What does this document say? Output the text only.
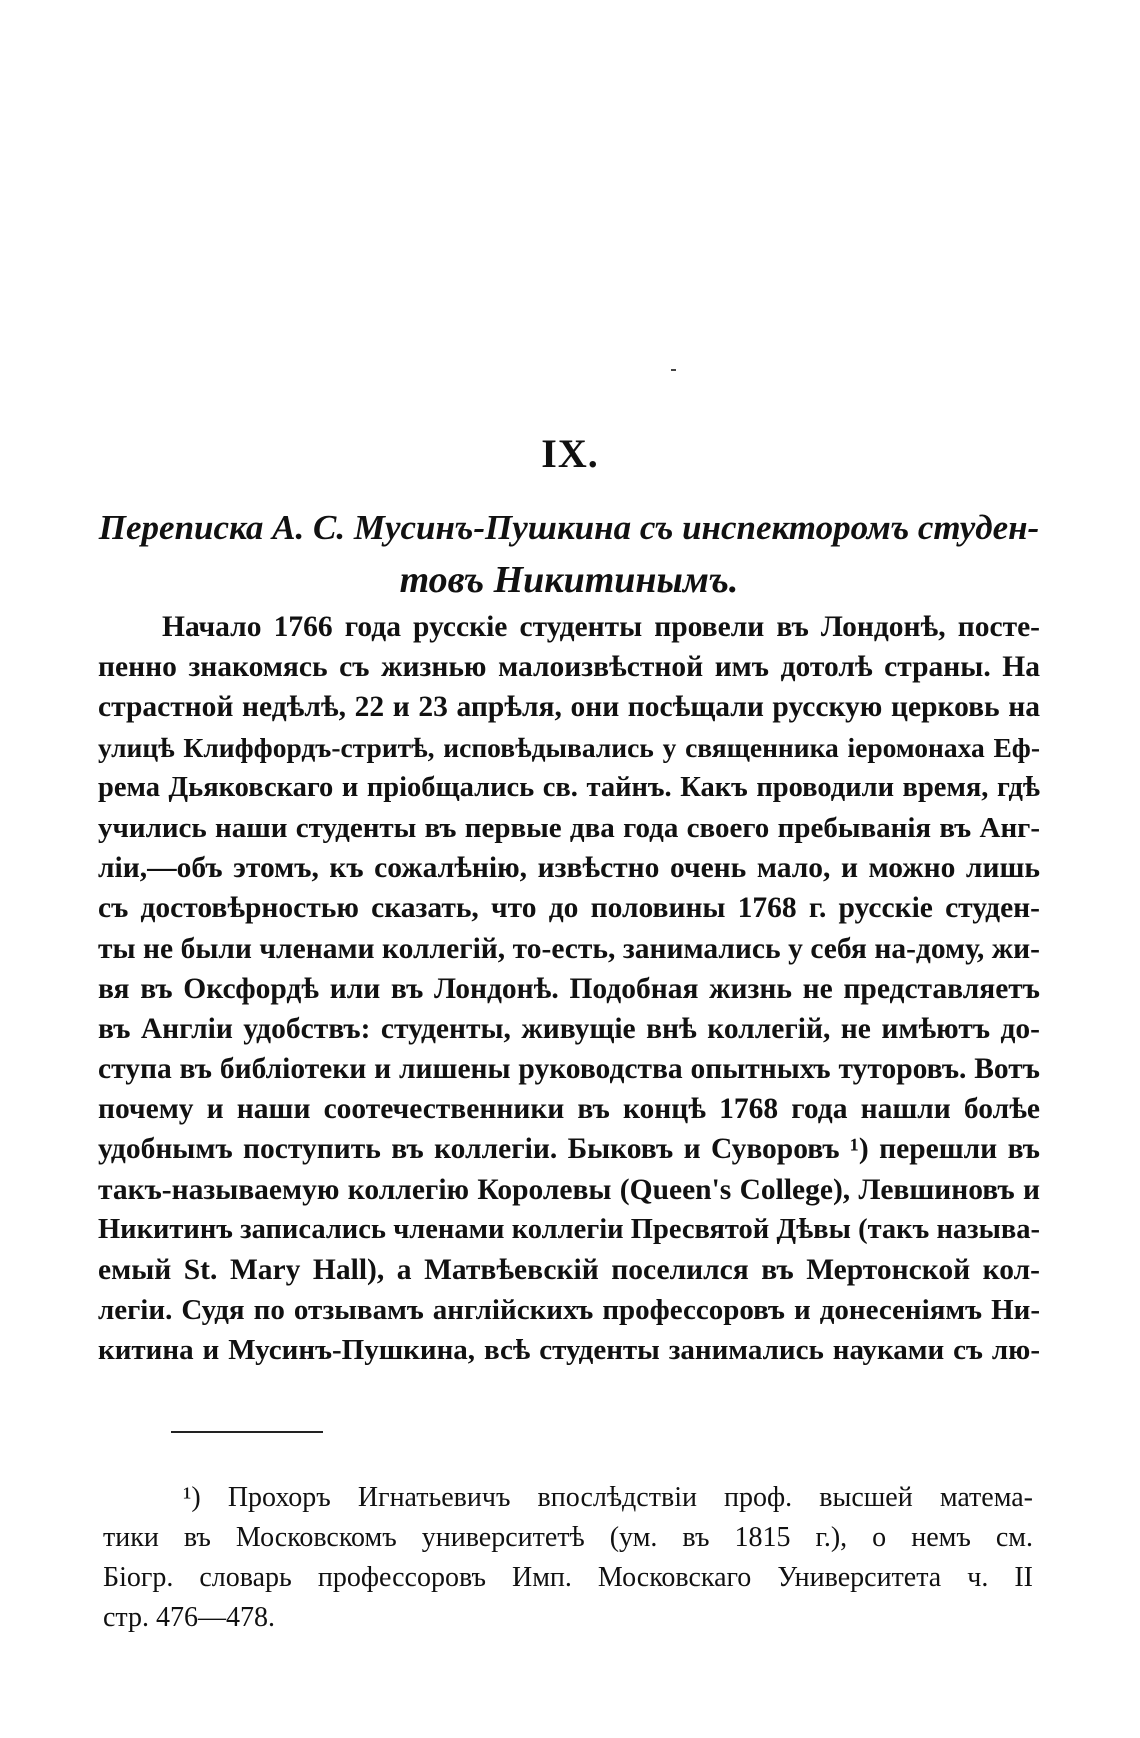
IX.
Переписка А. С. Мусинъ-Пушкина съ инспекторомъ студен-
товъ Никитинымъ.
Начало 1766 года русскіе студенты провели въ Лондонѣ, посте-
пенно знакомясь съ жизнью малоизвѣстной имъ дотолѣ страны. На
страстной недѣлѣ, 22 и 23 апрѣля, они посѣщали русскую церковь на
улицѣ Клиффордъ-стритѣ, исповѣдывались у священника іеромонаха Еф-
рема Дьяковскаго и пріобщались св. тайнъ. Какъ проводили время, гдѣ
учились наши студенты въ первые два года своего пребыванія въ Анг-
ліи,—объ этомъ, къ сожалѣнію, извѣстно очень мало, и можно лишь
съ достовѣрностью сказать, что до половины 1768 г. русскіе студен-
ты не были членами коллегій, то-есть, занимались у себя на-дому, жи-
вя въ Оксфордѣ или въ Лондонѣ. Подобная жизнь не представляетъ
въ Англіи удобствъ: студенты, живущіе внѣ коллегій, не имѣютъ до-
ступа въ библіотеки и лишены руководства опытныхъ туторовъ. Вотъ
почему и наши соотечественники въ концѣ 1768 года нашли болѣе
удобнымъ поступить въ коллегіи. Быковъ и Суворовъ ¹) перешли въ
такъ-называемую коллегію Королевы (Queen's College), Левшиновъ и
Никитинъ записались членами коллегіи Пресвятой Дѣвы (такъ называ-
емый St. Mary Hall), а Матвѣевскій поселился въ Мертонской кол-
легіи. Судя по отзывамъ англійскихъ профессоровъ и донесеніямъ Ни-
китина и Мусинъ-Пушкина, всѣ студенты занимались науками съ лю-
¹) Прохоръ Игнатьевичъ впослѣдствіи проф. высшей матема-
тики въ Московскомъ университетѣ (ум. въ 1815 г.), о немъ см.
Біогр. словарь профессоровъ Имп. Московскаго Университета ч. II
стр. 476—478.
